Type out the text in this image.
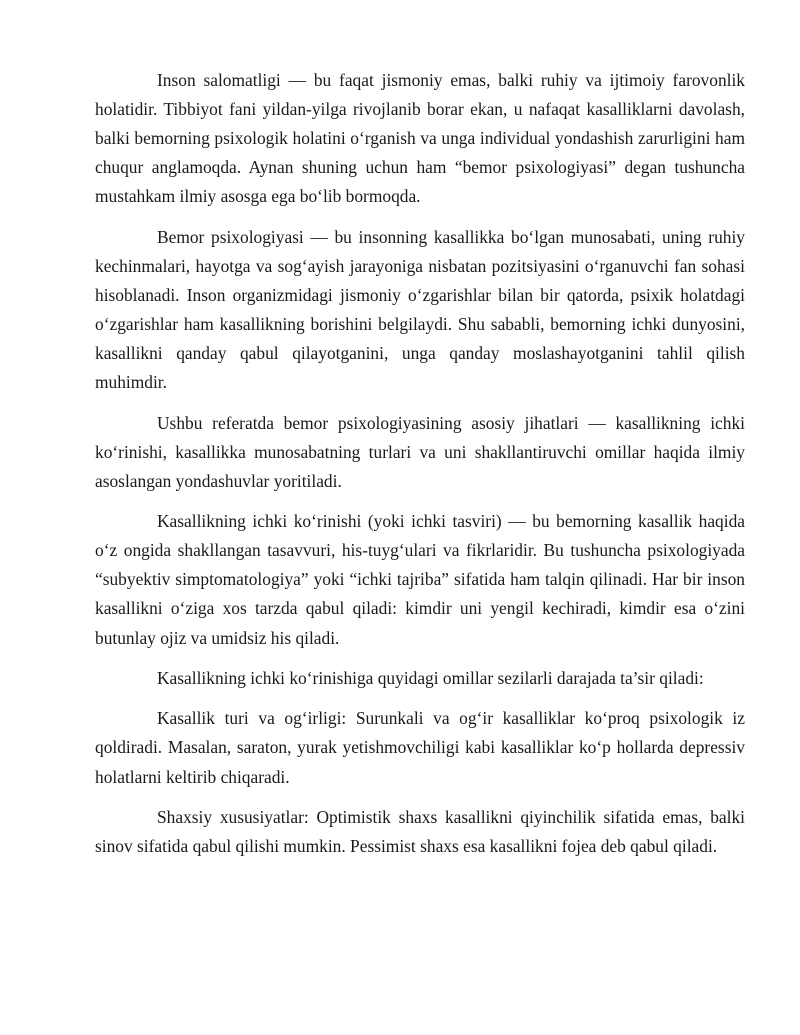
Inson salomatligi — bu faqat jismoniy emas, balki ruhiy va ijtimoiy farovonlik holatidir. Tibbiyot fani yildan-yilga rivojlanib borar ekan, u nafaqat kasalliklarni davolash, balki bemorning psixologik holatini o‘rganish va unga individual yondashish zarurligini ham chuqur anglamoqda. Aynan shuning uchun ham “bemor psixologiyasi” degan tushuncha mustahkam ilmiy asosga ega bo‘lib bormoqda.

Bemor psixologiyasi — bu insonning kasallikka bo‘lgan munosabati, uning ruhiy kechinmalari, hayotga va sog‘ayish jarayoniga nisbatan pozitsiyasini o‘rganuvchi fan sohasi hisoblanadi. Inson organizmidagi jismoniy o‘zgarishlar bilan bir qatorda, psixik holatdagi o‘zgarishlar ham kasallikning borishini belgilaydi. Shu sababli, bemorning ichki dunyosini, kasallikni qanday qabul qilayotganini, unga qanday moslashayotganini tahlil qilish muhimdir.

Ushbu referatda bemor psixologiyasining asosiy jihatlari — kasallikning ichki ko‘rinishi, kasallikka munosabatning turlari va uni shakllantiruvchi omillar haqida ilmiy asoslangan yondashuvlar yoritiladi.

Kasallikning ichki ko‘rinishi (yoki ichki tasviri) — bu bemorning kasallik haqida o‘z ongida shakllangan tasavvuri, his-tuyg‘ulari va fikrlaridir. Bu tushuncha psixologiyada “subyektiv simptomatologiya” yoki “ichki tajriba” sifatida ham talqin qilinadi. Har bir inson kasallikni o‘ziga xos tarzda qabul qiladi: kimdir uni yengil kechiradi, kimdir esa o‘zini butunlay ojiz va umidsiz his qiladi.

Kasallikning ichki ko‘rinishiga quyidagi omillar sezilarli darajada ta’sir qiladi:

Kasallik turi va og‘irligi: Surunkali va og‘ir kasalliklar ko‘proq psixologik iz qoldiradi. Masalan, saraton, yurak yetishmovchiligi kabi kasalliklar ko‘p hollarda depressiv holatlarni keltirib chiqaradi.

Shaxsiy xususiyatlar: Optimistik shaxs kasallikni qiyinchilik sifatida emas, balki sinov sifatida qabul qilishi mumkin. Pessimist shaxs esa kasallikni fojea deb qabul qiladi.
